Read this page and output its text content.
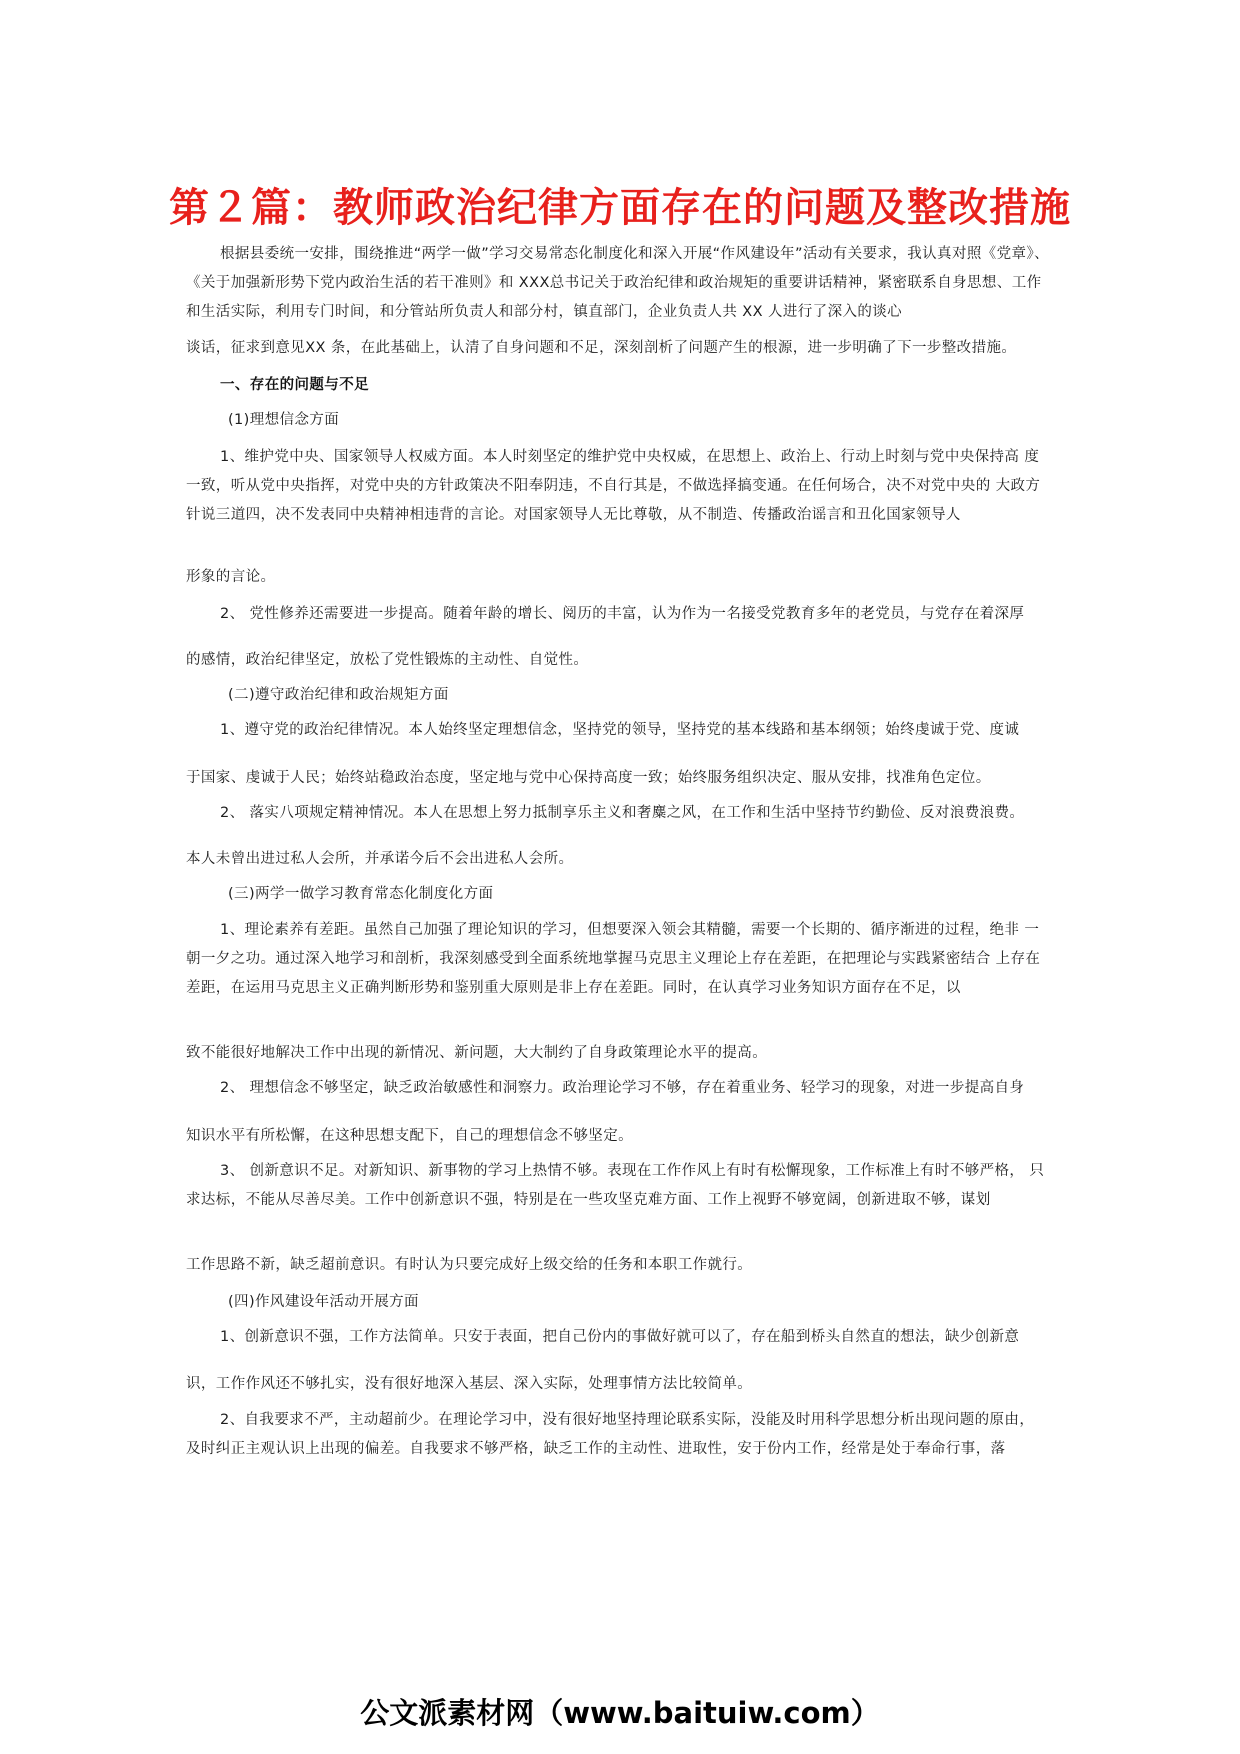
第２篇：教师政治纪律方面存在的问题及整改措施

根据县委统一安排，围绕推进“两学一做”学习交易常态化制度化和深入开展“作风建设年”活动有关要求，我认真对照《党章》、《关于加强新形势下党内政治生活的若干准则》和 XXX总书记关于政治纪律和政治规矩的重要讲话精神，紧密联系自身思想、工作和生活实际，利用专门时间，和分管站所负责人和部分村，镇直部门，企业负责人共 XX 人进行了深入的谈心

谈话，征求到意见XX 条，在此基础上，认清了自身问题和不足，深刻剖析了问题产生的根源，进一步明确了下一步整改措施。

一、存在的问题与不足

(1)理想信念方面

1、维护党中央、国家领导人权威方面。本人时刻坚定的维护党中央权威，在思想上、政治上、行动上时刻与党中央保持高 度一致，听从党中央指挥，对党中央的方针政策决不阳奉阴违，不自行其是，不做选择搞变通。在任何场合，决不对党中央的 大政方针说三道四，决不发表同中央精神相违背的言论。对国家领导人无比尊敬，从不制造、传播政治谣言和丑化国家领导人

形象的言论。

2、 党性修养还需要进一步提高。随着年龄的增长、阅历的丰富，认为作为一名接受党教育多年的老党员，与党存在着深厚

的感情，政治纪律坚定，放松了党性锻炼的主动性、自觉性。

(二)遵守政治纪律和政治规矩方面

1、遵守党的政治纪律情况。本人始终坚定理想信念，坚持党的领导，坚持党的基本线路和基本纲领；始终虔诚于党、度诚

于国家、虔诚于人民；始终站稳政治态度，坚定地与党中心保持高度一致；始终服务组织决定、服从安排，找准角色定位。

2、 落实八项规定精神情况。本人在思想上努力抵制享乐主义和奢麋之风，在工作和生活中坚持节约勤俭、反对浪费浪费。

本人未曾出进过私人会所，并承诺今后不会出进私人会所。

(三)两学一做学习教育常态化制度化方面

1、理论素养有差距。虽然自己加强了理论知识的学习，但想要深入领会其精髓，需要一个长期的、循序渐进的过程，绝非 一朝一夕之功。通过深入地学习和剖析，我深刻感受到全面系统地掌握马克思主义理论上存在差距，在把理论与实践紧密结合 上存在差距，在运用马克思主义正确判断形势和鉴别重大原则是非上存在差距。同时，在认真学习业务知识方面存在不足，以

致不能很好地解决工作中出现的新情况、新问题，大大制约了自身政策理论水平的提高。

2、 理想信念不够坚定，缺乏政治敏感性和洞察力。政治理论学习不够，存在着重业务、轻学习的现象，对进一步提高自身

知识水平有所松懈，在这种思想支配下，自己的理想信念不够坚定。

3、 创新意识不足。对新知识、新事物的学习上热情不够。表现在工作作风上有时有松懈现象，工作标准上有时不够严格， 只求达标，不能从尽善尽美。工作中创新意识不强，特别是在一些攻坚克难方面、工作上视野不够宽阔，创新进取不够，谋划

工作思路不新，缺乏超前意识。有时认为只要完成好上级交给的任务和本职工作就行。

(四)作风建设年活动开展方面

1、创新意识不强，工作方法简单。只安于表面，把自己份内的事做好就可以了，存在船到桥头自然直的想法，缺少创新意

识，工作作风还不够扎实，没有很好地深入基层、深入实际，处理事情方法比较简单。

2、自我要求不严，主动超前少。在理论学习中，没有很好地坚持理论联系实际，没能及时用科学思想分析出现问题的原由， 及时纠正主观认识上出现的偏差。自我要求不够严格，缺乏工作的主动性、进取性，安于份内工作，经常是处于奉命行事，落

公文派素材网（www.baituiw.com）
